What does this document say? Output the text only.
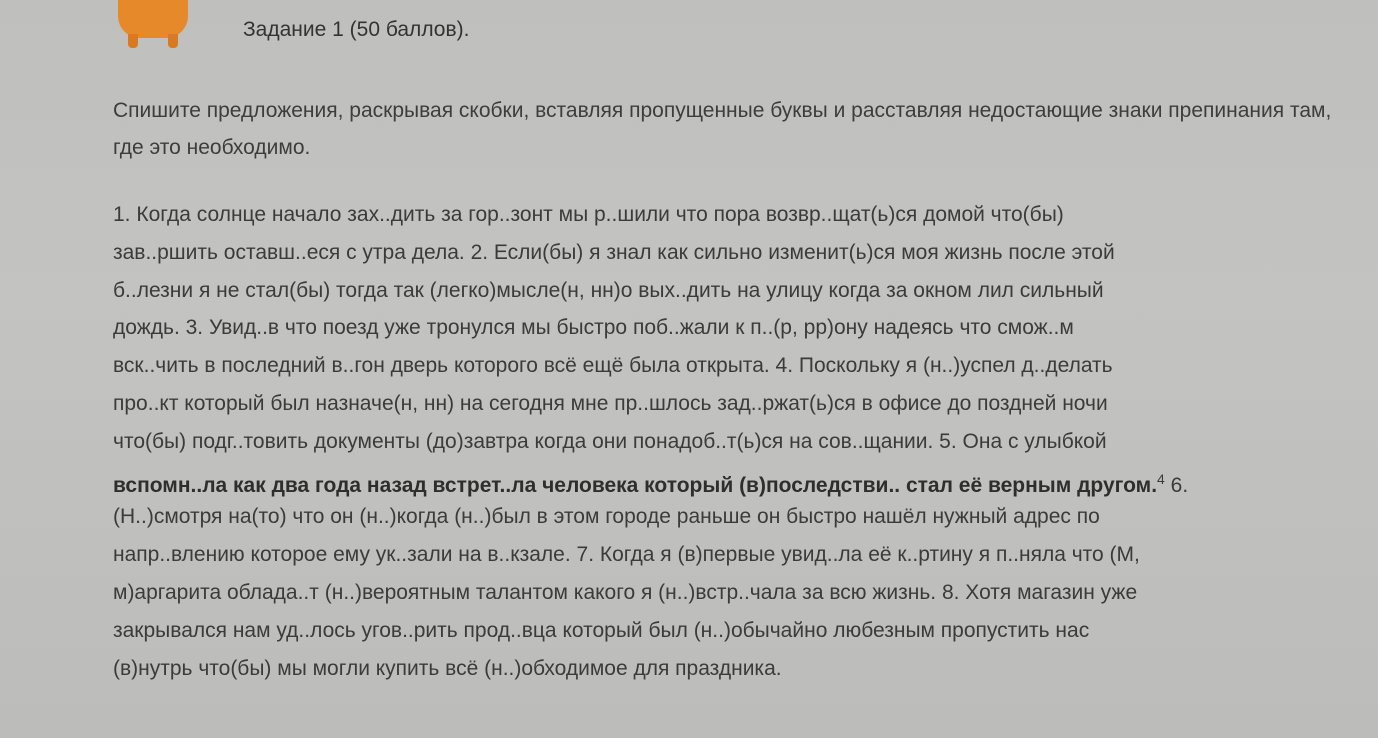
Задание 1 (50 баллов).

Спишите предложения, раскрывая скобки, вставляя пропущенные буквы и расставляя недостающие знаки препинания там, где это необходимо.

1. Когда солнце начало зах..дить за гор..зонт мы р..шили что пора возвр..щат(ь)ся домой что(бы)
зав..ршить оставш..еся с утра дела. 2. Если(бы) я знал как сильно изменит(ь)ся моя жизнь после этой
б..лезни я не стал(бы) тогда так (легко)мысле(н, нн)о вых..дить на улицу когда за окном лил сильный
дождь. 3. Увид..в что поезд уже тронулся мы быстро поб..жали к п..(р, рр)ону надеясь что смож..м
вск..чить в последний в..гон дверь которого всё ещё была открыта. 4. Поскольку я (н..)успел д..делать
про..кт который был назначе(н, нн) на сегодня мне пр..шлось зад..ржат(ь)ся в офисе до поздней ночи
что(бы) подг..товить документы (до)завтра когда они понадоб..т(ь)ся на сов..щании. 5. Она с улыбкой
вспомн..ла как два года назад встрет..ла человека который (в)последстви.. стал её верным другом.$^4$ 6.
(Н..)смотря на(то) что он (н..)когда (н..)был в этом городе раньше он быстро нашёл нужный адрес по
напр..влению которое ему ук..зали на в..кзале. 7. Когда я (в)первые увид..ла её к..ртину я п..няла что (М,
м)аргарита облада..т (н..)вероятным талантом какого я (н..)встр..чала за всю жизнь. 8. Хотя магазин уже
закрывался нам уд..лось угов..рить прод..вца который был (н..)обычайно любезным пропустить нас
(в)нутрь что(бы) мы могли купить всё (н..)обходимое для праздника.
